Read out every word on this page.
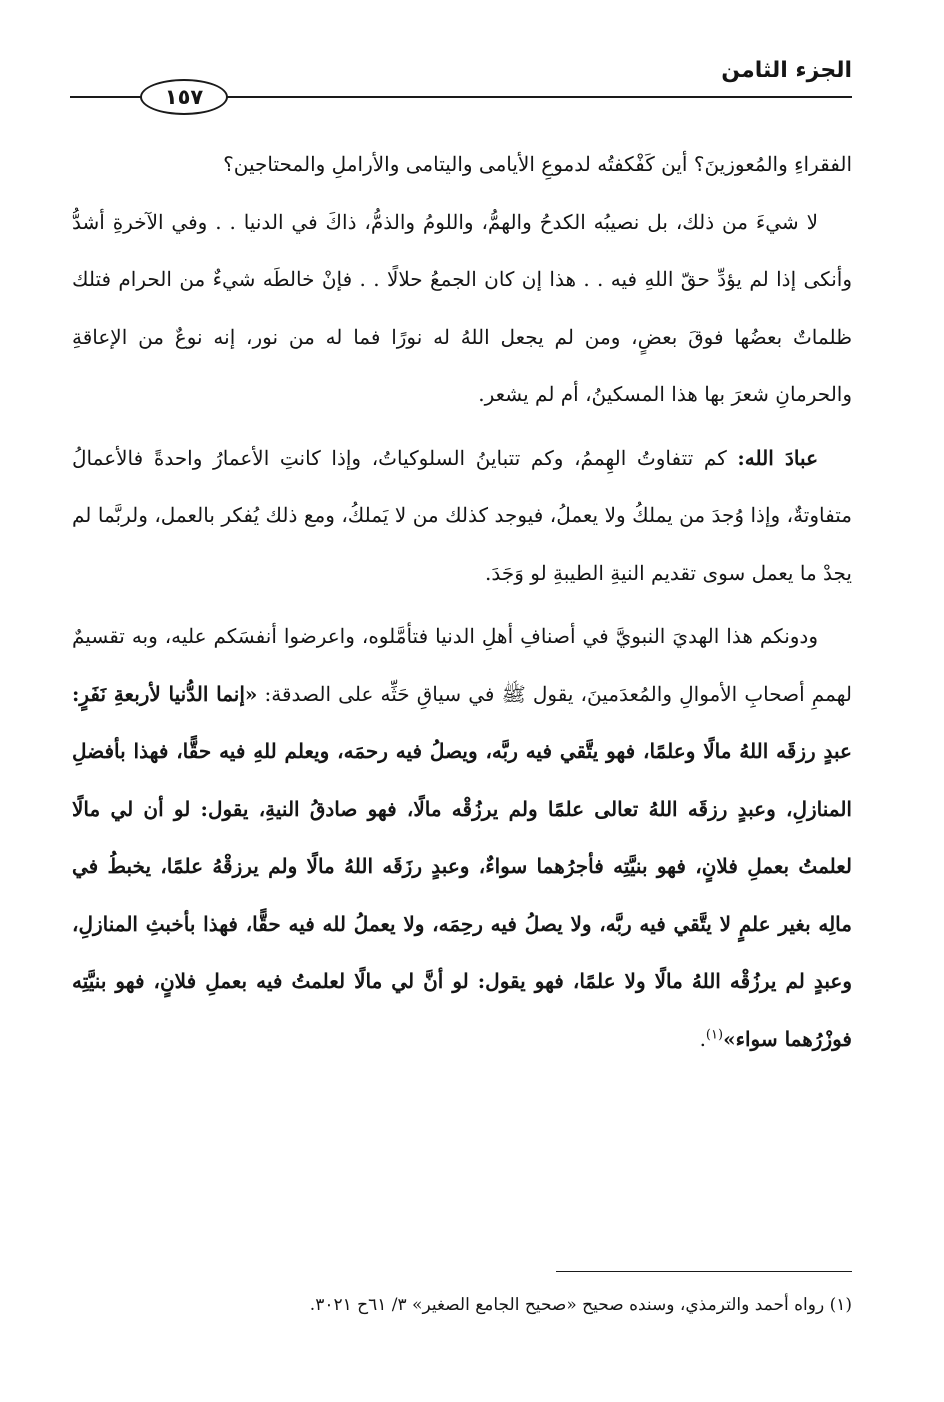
الجزء الثامن
١٥٧

الفقراءِ والمُعوزينَ؟ أين كَفْكفتُه لدموعِ الأيامى واليتامى والأراملِ والمحتاجين؟

لا شيءَ من ذلك، بل نصيبُه الكدحُ والهمُّ، واللومُ والذمُّ، ذاكَ في الدنيا . . وفي الآخرةِ أشدُّ وأنكى إذا لم يؤدِّ حقّ اللهِ فيه . . هذا إن كان الجمعُ حلالًا . . فإنْ خالطَه شيءٌ من الحرام فتلك ظلماتٌ بعضُها فوقَ بعضٍ، ومن لم يجعل اللهُ له نورًا فما له من نور، إنه نوعٌ من الإعاقةِ والحرمانِ شعرَ بها هذا المسكينُ، أم لم يشعر.

عبادَ الله: كم تتفاوتُ الهِممُ، وكم تتباينُ السلوكياتُ، وإذا كانتِ الأعمارُ واحدةً فالأعمالُ متفاوتةٌ، وإذا وُجدَ من يملكُ ولا يعملُ، فيوجد كذلك من لا يَملكُ، ومع ذلك يُفكر بالعمل، ولربَّما لم يجدْ ما يعمل سوى تقديم النيةِ الطيبةِ لو وَجَدَ.

ودونكم هذا الهديَ النبويَّ في أصنافِ أهلِ الدنيا فتأمَّلوه، واعرضوا أنفسَكم عليه، وبه تقسيمٌ لهممِ أصحابِ الأموالِ والمُعدَمينَ، يقول ﷺ في سياقِ حَثِّه على الصدقة: «إنما الدُّنيا لأربعةِ نَفَرٍ: عبدٍ رزقَه اللهُ مالًا وعلمًا، فهو يتَّقي فيه ربَّه، ويصلُ فيه رحمَه، ويعلم للهِ فيه حقًّا، فهذا بأفضلِ المنازلِ، وعبدٍ رزقَه اللهُ تعالى علمًا ولم يرزُقْه مالًا، فهو صادقُ النيةِ، يقول: لو أن لي مالًا لعلمتُ بعملِ فلانٍ، فهو بنيَّتِه فأجرُهما سواءٌ، وعبدٍ رزَقَه اللهُ مالًا ولم يرزقْهُ علمًا، يخبطُ في مالِه بغير علمٍ لا يتَّقي فيه ربَّه، ولا يصلُ فيه رحِمَه، ولا يعملُ لله فيه حقًّا، فهذا بأخبثِ المنازلِ، وعبدٍ لم يرزُقْه اللهُ مالًا ولا علمًا، فهو يقول: لو أنَّ لي مالًا لعلمتُ فيه بعملِ فلانٍ، فهو بنيَّتِه فوزْرُهما سواء»$^{(١)}$.

(١) رواه أحمد والترمذي، وسنده صحيح «صحيح الجامع الصغير» ٣/ ٦١ح ٣٠٢١.
